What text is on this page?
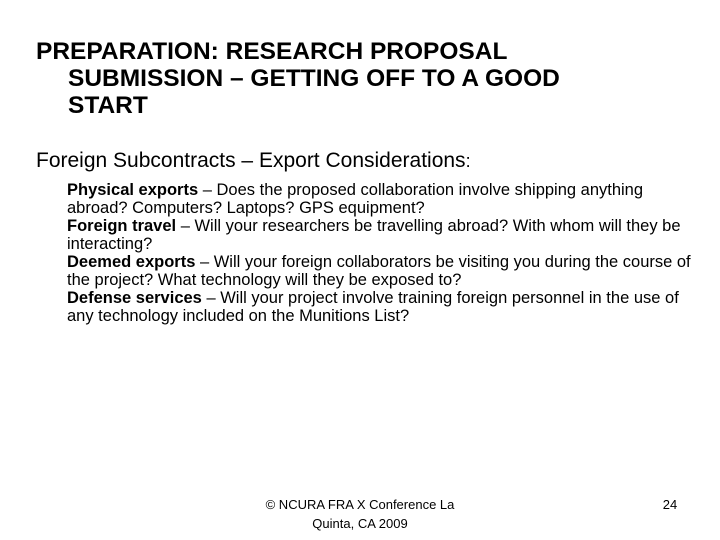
PREPARATION: RESEARCH PROPOSAL
SUBMISSION – GETTING OFF TO A GOOD
START

Foreign Subcontracts – Export Considerations:

Physical exports – Does the proposed collaboration involve shipping anything abroad? Computers? Laptops? GPS equipment?
Foreign travel – Will your researchers be travelling abroad? With whom will they be interacting?
Deemed exports – Will your foreign collaborators be visiting you during the course of the project? What technology will they be exposed to?
Defense services – Will your project involve training foreign personnel in the use of any technology included on the Munitions List?
© NCURA FRA X Conference La Quinta, CA 2009
24
